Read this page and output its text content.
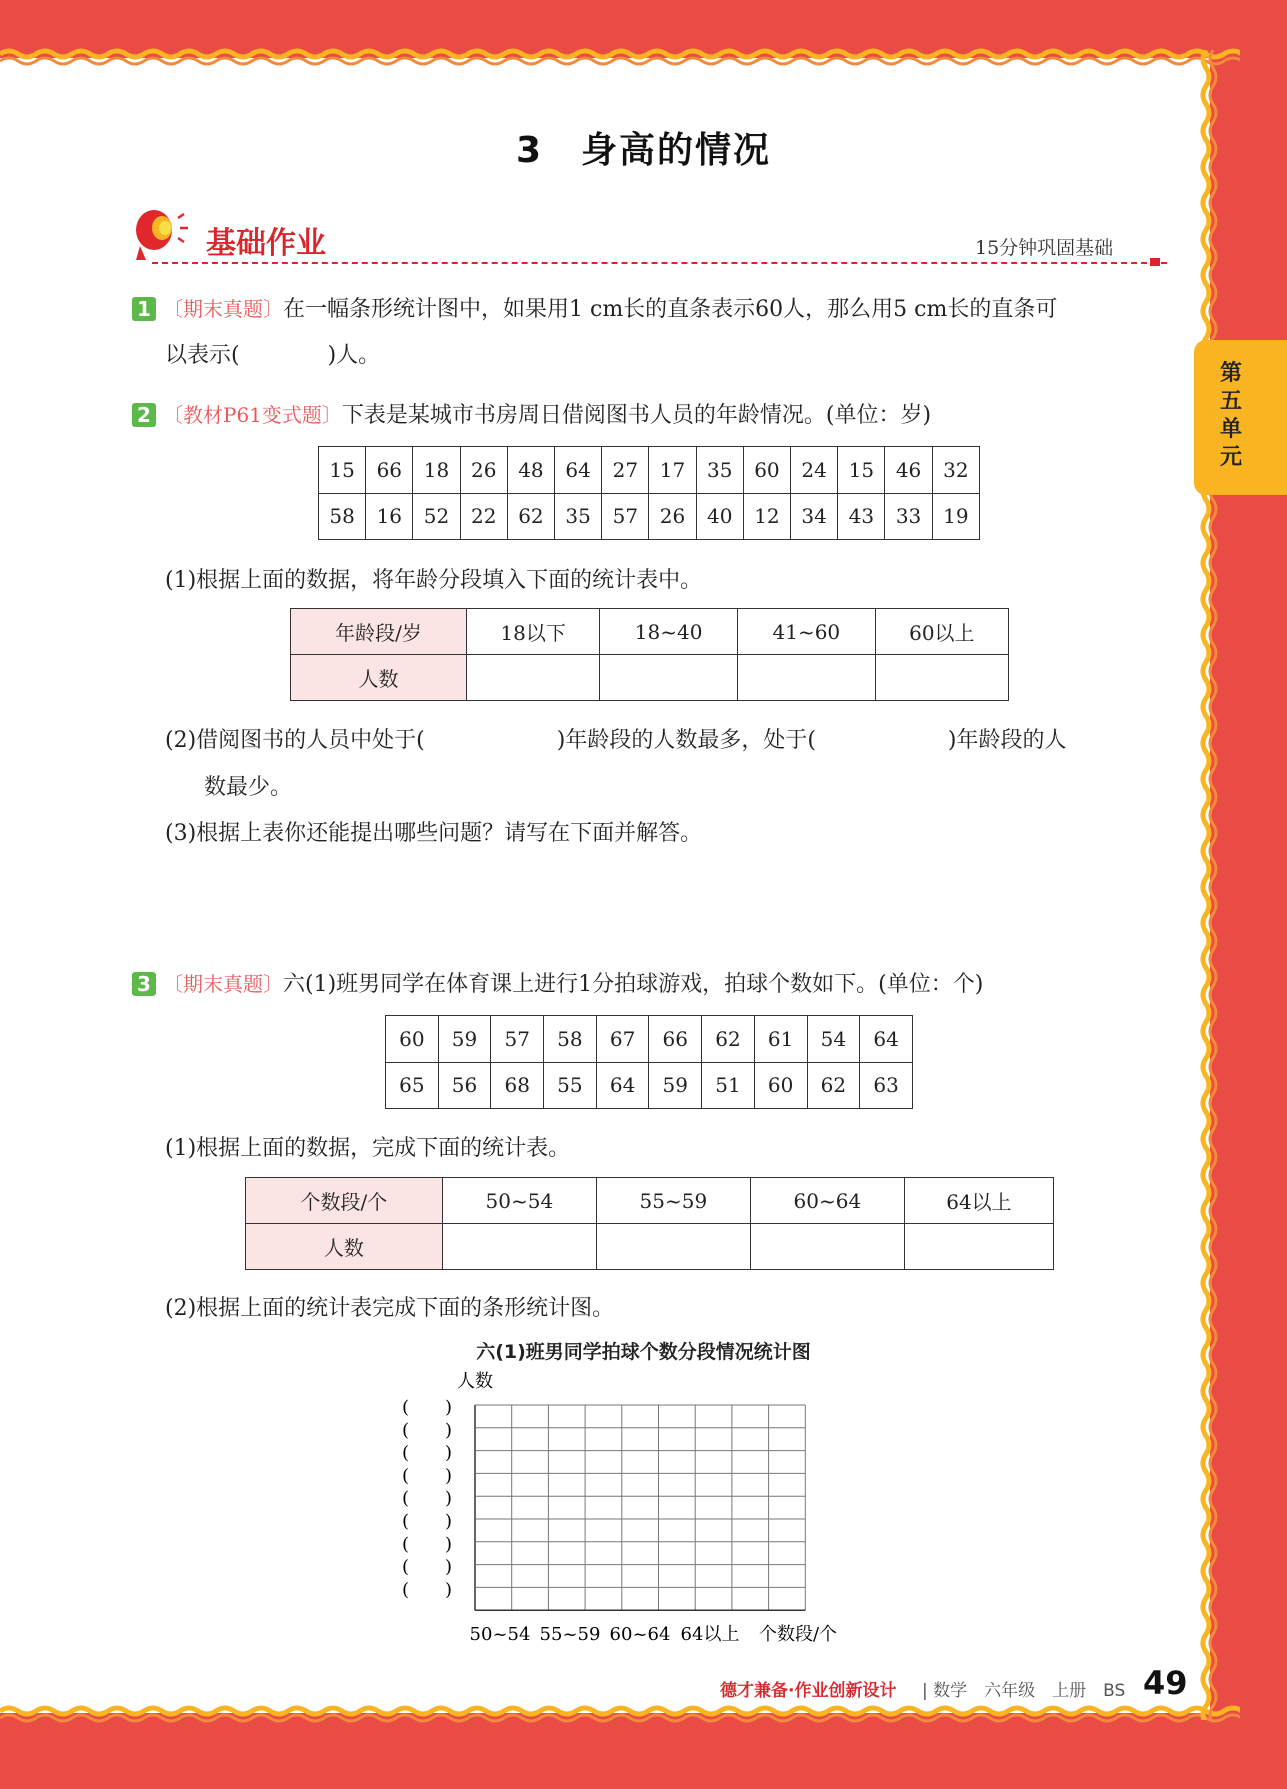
第五单元
3　身高的情况
基础作业	15分钟巩固基础
1 〔期末真题〕在一幅条形统计图中，如果用1 cm长的直条表示60人，那么用5 cm长的直条可
以表示(　　　　)人。
2 〔教材P61变式题〕下表是某城市书房周日借阅图书人员的年龄情况。(单位：岁)
15	66	18	26	48	64	27	17	35	60	24	15	46	32
58	16	52	22	62	35	57	26	40	12	34	43	33	19
(1)根据上面的数据，将年龄分段填入下面的统计表中。
年龄段/岁	18以下	18~40	41~60	60以上
人数				
(2)借阅图书的人员中处于(　　　　　　)年龄段的人数最多，处于(　　　　　　)年龄段的人
数最少。
(3)根据上表你还能提出哪些问题？请写在下面并解答。
3 〔期末真题〕六(1)班男同学在体育课上进行1分拍球游戏，拍球个数如下。(单位：个)
60	59	57	58	67	66	62	61	54	64
65	56	68	55	64	59	51	60	62	63
(1)根据上面的数据，完成下面的统计表。
个数段/个	50~54	55~59	60~64	64以上
人数				
(2)根据上面的统计表完成下面的条形统计图。
六(1)班男同学拍球个数分段情况统计图
人数
(　　)
(　　)
(　　)
(　　)
(　　)
(　　)
(　　)
(　　)
(　　)
50~54 55~59 60~64 64以上 个数段/个
德才兼备·作业创新设计 | 数学　六年级　上册　BS 49
